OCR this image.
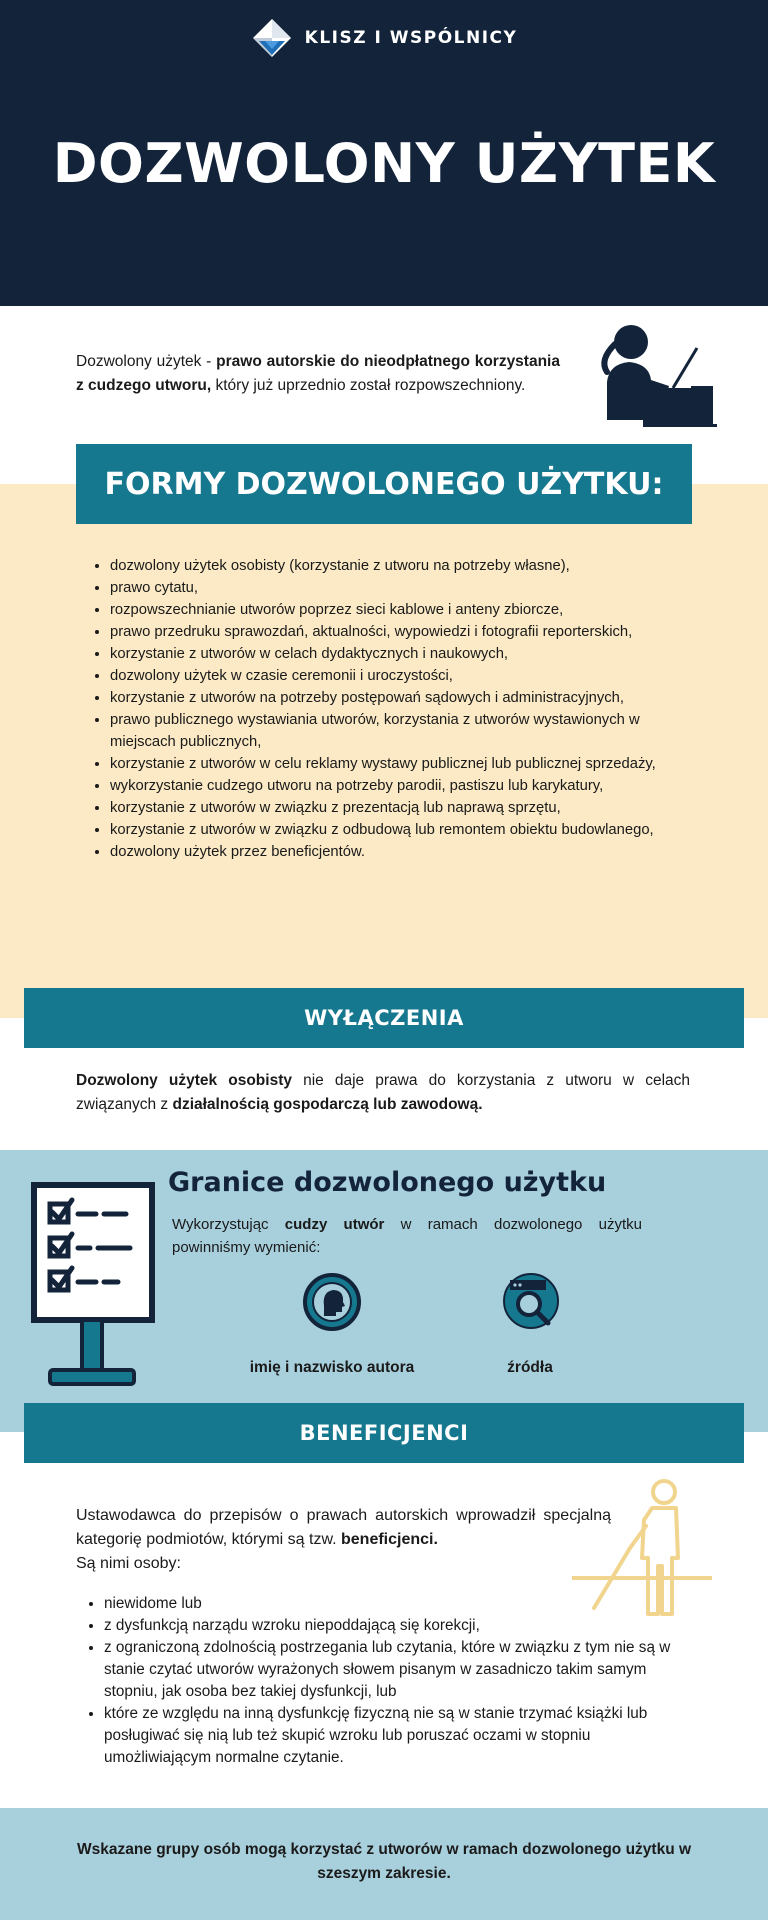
KLISZ I WSPÓLNICY
DOZWOLONY UŻYTEK

Dozwolony użytek - prawo autorskie do nieodpłatnego korzystania z cudzego utworu, który już uprzednio został rozpowszechniony.

FORMY DOZWOLONEGO UŻYTKU:
• dozwolony użytek osobisty (korzystanie z utworu na potrzeby własne),
• prawo cytatu,
• rozpowszechnianie utworów poprzez sieci kablowe i anteny zbiorcze,
• prawo przedruku sprawozdań, aktualności, wypowiedzi i fotografii reporterskich,
• korzystanie z utworów w celach dydaktycznych i naukowych,
• dozwolony użytek w czasie ceremonii i uroczystości,
• korzystanie z utworów na potrzeby postępowań sądowych i administracyjnych,
• prawo publicznego wystawiania utworów, korzystania z utworów wystawionych w miejscach publicznych,
• korzystanie z utworów w celu reklamy wystawy publicznej lub publicznej sprzedaży,
• wykorzystanie cudzego utworu na potrzeby parodii, pastiszu lub karykatury,
• korzystanie z utworów w związku z prezentacją lub naprawą sprzętu,
• korzystanie z utworów w związku z odbudową lub remontem obiektu budowlanego,
• dozwolony użytek przez beneficjentów.
WYŁĄCZENIA

Dozwolony użytek osobisty nie daje prawa do korzystania z utworu w celach związanych z działalnością gospodarczą lub zawodową.

Granice dozwolonego użytku

Wykorzystując cudzy utwór w ramach dozwolonego użytku powinniśmy wymienić:

imię i nazwisko autora	źródła
BENEFICJENCI

Ustawodawca do przepisów o prawach autorskich wprowadził specjalną kategorię podmiotów, którymi są tzw. beneficjenci.

Są nimi osoby:

• niewidome lub
• z dysfunkcją narządu wzroku niepoddającą się korekcji,
• z ograniczoną zdolnością postrzegania lub czytania, które w związku z tym nie są w stanie czytać utworów wyrażonych słowem pisanym w zasadniczo takim samym stopniu, jak osoba bez takiej dysfunkcji, lub
• które ze względu na inną dysfunkcję fizyczną nie są w stanie trzymać książki lub posługiwać się nią lub też skupić wzroku lub poruszać oczami w stopniu umożliwiającym normalne czytanie.

Wskazane grupy osób mogą korzystać z utworów w ramach dozwolonego użytku w szeszym zakresie.
